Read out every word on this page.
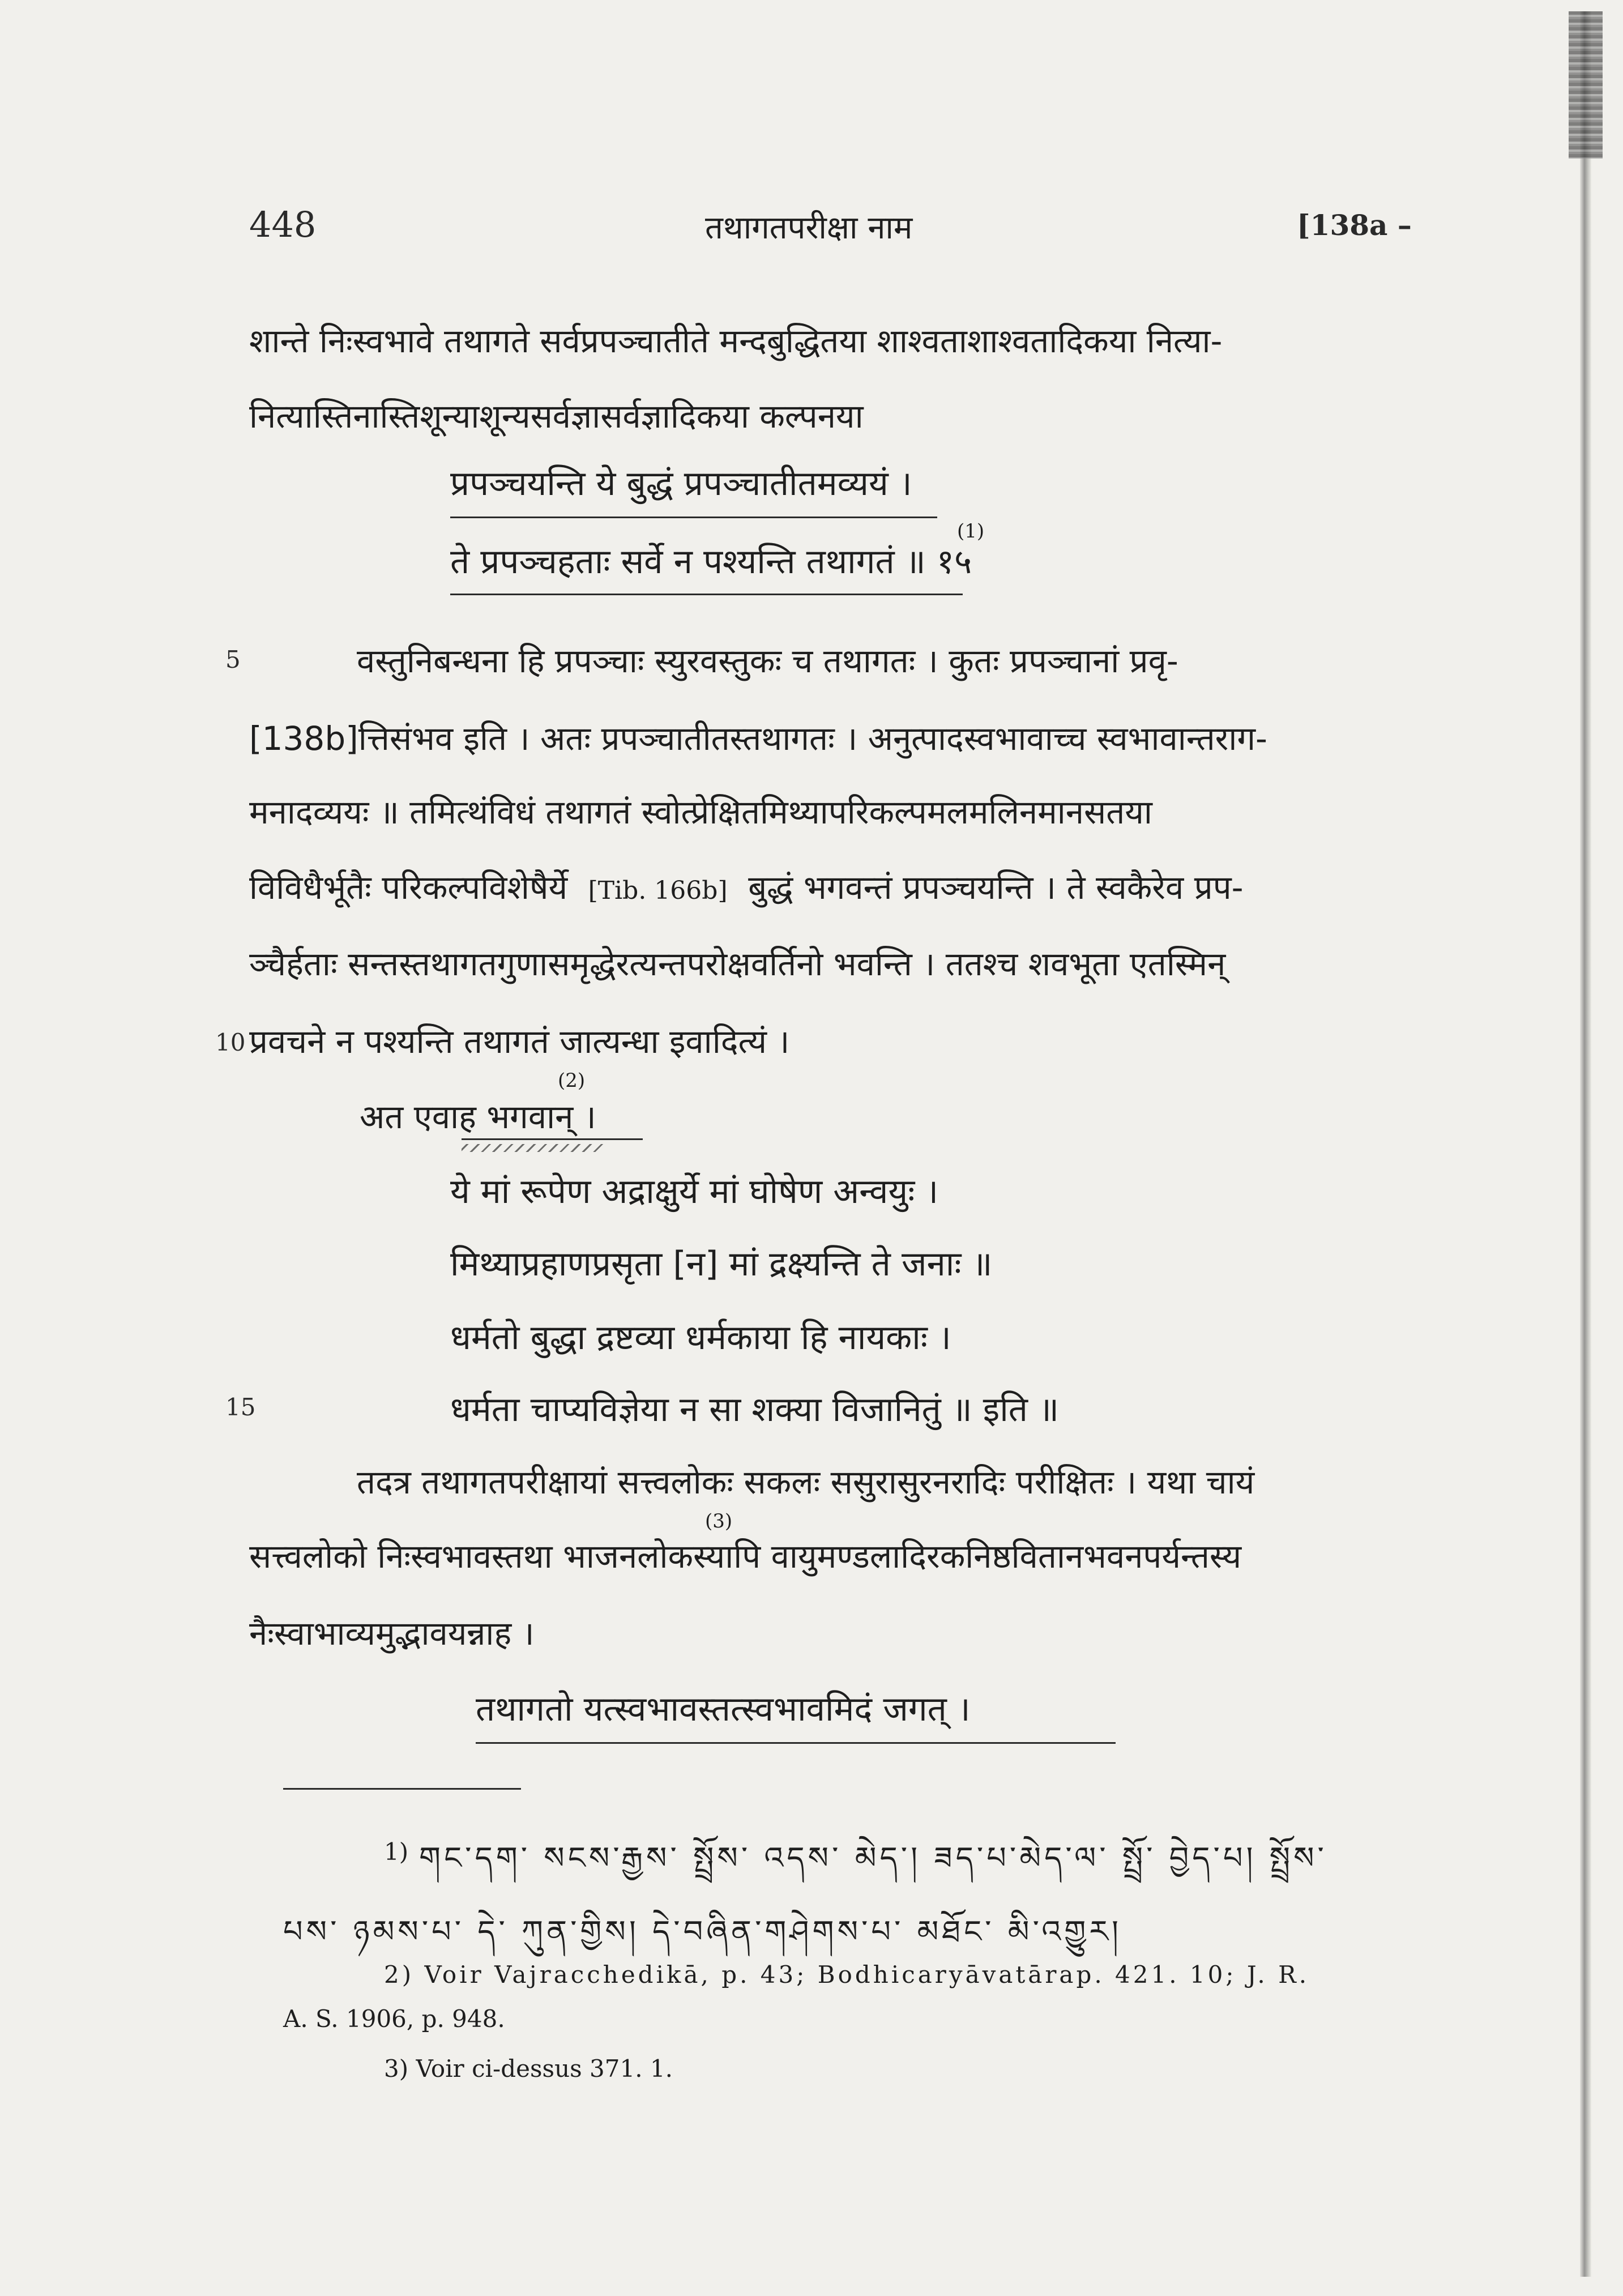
448	तथागतपरीक्षा नाम	[138a –
5
10
15
शान्ते निःस्वभावे तथागते सर्वप्रपञ्चातीते मन्दबुद्धितया शाश्वताशाश्वतादिकया नित्या-
नित्यास्तिनास्तिशून्याशून्यसर्वज्ञासर्वज्ञादिकया कल्पनया
प्रपञ्चयन्ति ये बुद्धं प्रपञ्चातीतमव्ययं ।
(1)
ते प्रपञ्चहताः सर्वे न पश्यन्ति तथागतं ॥ १५
वस्तुनिबन्धना हि प्रपञ्चाः स्युरवस्तुकः च तथागतः । कुतः प्रपञ्चानां प्रवृ-
[138b]त्तिसंभव इति । अतः प्रपञ्चातीतस्तथागतः । अनुत्पादस्वभावाच्च स्वभावान्तराग-
मनादव्ययः ॥ तमित्थंविधं तथागतं स्वोत्प्रेक्षितमिथ्यापरिकल्पमलमलिनमानसतया
विविधैर्भूतैः परिकल्पविशेषैर्ये [Tib. 166b] बुद्धं भगवन्तं प्रपञ्चयन्ति । ते स्वकैरेव प्रप-
ञ्चैर्हताः सन्तस्तथागतगुणासमृद्धेरत्यन्तपरोक्षवर्तिनो भवन्ति । ततश्च शवभूता एतस्मिन्
प्रवचने न पश्यन्ति तथागतं जात्यन्धा इवादित्यं ।
(2)
अत एवाह भगवान् ।
ये मां रूपेण अद्राक्षुर्ये मां घोषेण अन्वयुः ।
मिथ्याप्रहाणप्रसृता [न] मां द्रक्ष्यन्ति ते जनाः ॥
धर्मतो बुद्धा द्रष्टव्या धर्मकाया हि नायकाः ।
धर्मता चाप्यविज्ञेया न सा शक्या विजानितुं ॥ इति ॥
तदत्र तथागतपरीक्षायां सत्त्वलोकः सकलः ससुरासुरनरादिः परीक्षितः । यथा चायं
(3)
सत्त्वलोको निःस्वभावस्तथा भाजनलोकस्यापि वायुमण्डलादिरकनिष्ठवितानभवनपर्यन्तस्य
नैःस्वाभाव्यमुद्भावयन्नाह ।
तथागतो यत्स्वभावस्तत्स्वभावमिदं जगत् ।
1) གང་དག་ སངས་རྒྱས་ སྤྲོས་ འདས་ མེད་། ཟད་པ་མེད་ལ་ སྤྲོ་ བྱེད་པ། སྤྲོས་
པས་ ཉམས་པ་ དེ་ ཀུན་གྱིས། དེ་བཞིན་གཤེགས་པ་ མཐོང་ མི་འགྱུར།
2) Voir Vajracchedikā, p. 43; Bodhicaryāvatārap. 421. 10; J. R.
A. S. 1906, p. 948.
3) Voir ci-dessus 371. 1.
